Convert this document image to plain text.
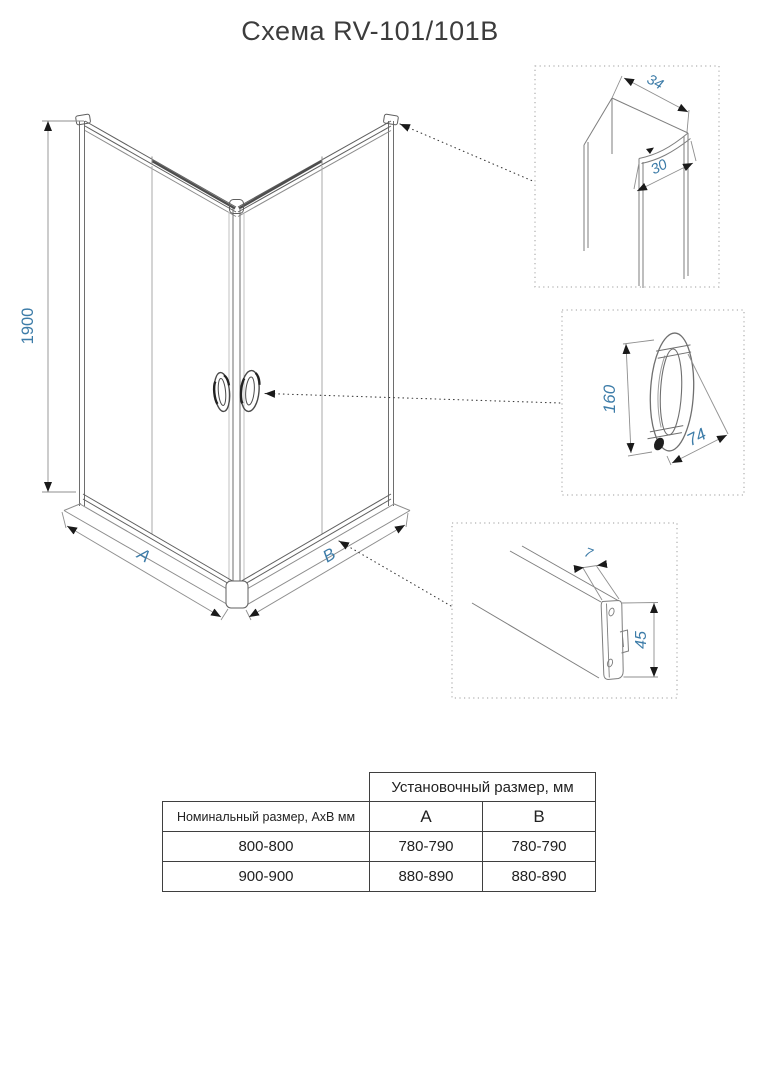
Схема RV-101/101B
1900
A	B
34
30
160
74
7
45
	Установочный размер, мм	
Номинальный размер, АхВ мм	А	В
800-800	780-790	780-790
900-900	880-890	880-890
